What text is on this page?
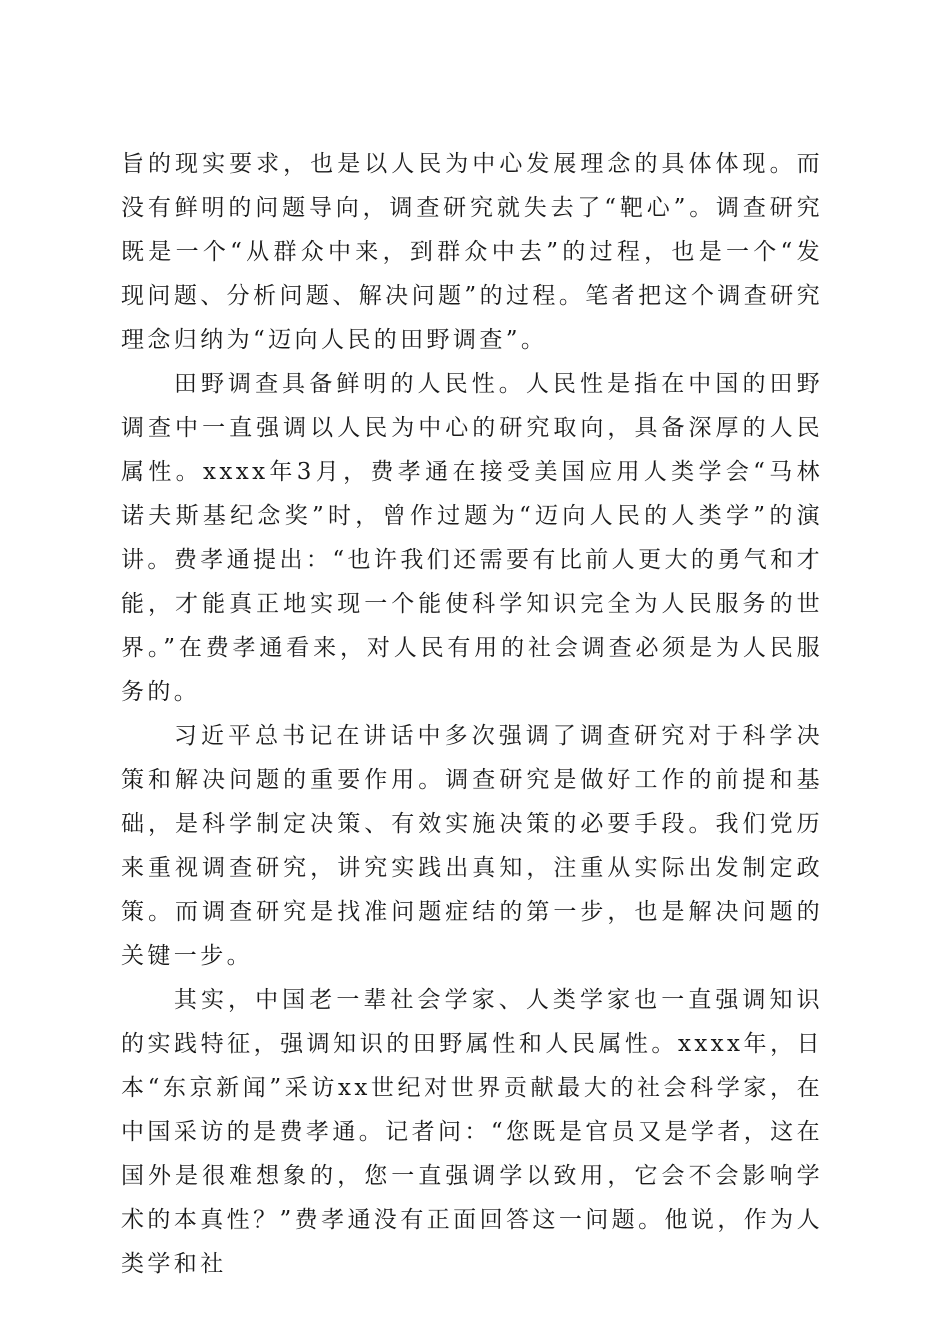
旨的现实要求，也是以人民为中心发展理念的具体体现。而没有鲜明的问题导向，调查研究就失去了“靶心”。调查研究既是一个“从群众中来，到群众中去”的过程，也是一个“发现问题、分析问题、解决问题”的过程。笔者把这个调查研究理念归纳为“迈向人民的田野调查”。

田野调查具备鲜明的人民性。人民性是指在中国的田野调查中一直强调以人民为中心的研究取向，具备深厚的人民属性。xxxx年3月，费孝通在接受美国应用人类学会“马林诺夫斯基纪念奖”时，曾作过题为“迈向人民的人类学”的演讲。费孝通提出：“也许我们还需要有比前人更大的勇气和才能，才能真正地实现一个能使科学知识完全为人民服务的世界。”在费孝通看来，对人民有用的社会调查必须是为人民服务的。

习近平总书记在讲话中多次强调了调查研究对于科学决策和解决问题的重要作用。调查研究是做好工作的前提和基础，是科学制定决策、有效实施决策的必要手段。我们党历来重视调查研究，讲究实践出真知，注重从实际出发制定政策。而调查研究是找准问题症结的第一步，也是解决问题的关键一步。

其实，中国老一辈社会学家、人类学家也一直强调知识的实践特征，强调知识的田野属性和人民属性。xxxx年，日本“东京新闻”采访xx世纪对世界贡献最大的社会科学家，在中国采访的是费孝通。记者问：“您既是官员又是学者，这在国外是很难想象的，您一直强调学以致用，它会不会影响学术的本真性？”费孝通没有正面回答这一问题。他说，作为人类学和社
